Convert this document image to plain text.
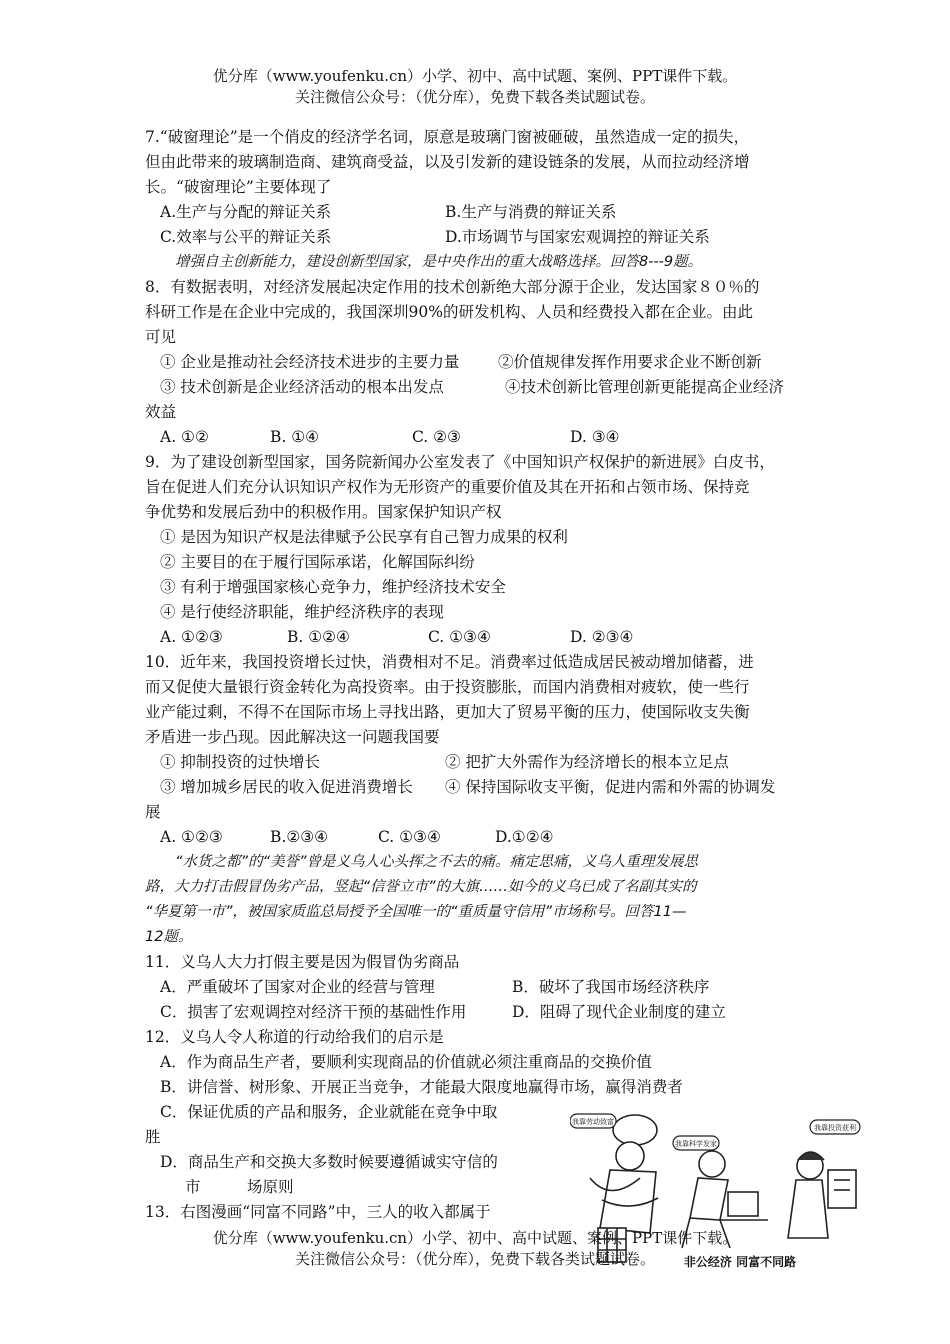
优分库（www.youfenku.cn）小学、初中、高中试题、案例、PPT课件下载。
关注微信公众号：（优分库），免费下载各类试题试卷。
7.“破窗理论”是一个俏皮的经济学名词，原意是玻璃门窗被砸破，虽然造成一定的损失，
但由此带来的玻璃制造商、建筑商受益，以及引发新的建设链条的发展，从而拉动经济增
长。“破窗理论”主要体现了
A.生产与分配的辩证关系	B.生产与消费的辩证关系
C.效率与公平的辩证关系	D.市场调节与国家宏观调控的辩证关系
增强自主创新能力，建设创新型国家，是中央作出的重大战略选择。回答8---9题。
8．有数据表明，对经济发展起决定作用的技术创新绝大部分源于企业，发达国家８０％的
科研工作是在企业中完成的，我国深圳90%的研发机构、人员和经费投入都在企业。由此
可见
① 企业是推动社会经济技术进步的主要力量 ②价值规律发挥作用要求企业不断创新
③ 技术创新是企业经济活动的根本出发点	④技术创新比管理创新更能提高企业经济
效益
A. ①②	B. ①④	C. ②③	D. ③④
9．为了建设创新型国家，国务院新闻办公室发表了《中国知识产权保护的新进展》白皮书，
旨在促进人们充分认识知识产权作为无形资产的重要价值及其在开拓和占领市场、保持竞
争优势和发展后劲中的积极作用。国家保护知识产权
① 是因为知识产权是法律赋予公民享有自己智力成果的权利
② 主要目的在于履行国际承诺，化解国际纠纷
③ 有利于增强国家核心竞争力，维护经济技术安全
④ 是行使经济职能，维护经济秩序的表现
A. ①②③	B. ①②④	C. ①③④	D. ②③④
10．近年来，我国投资增长过快，消费相对不足。消费率过低造成居民被动增加储蓄，进
而又促使大量银行资金转化为高投资率。由于投资膨胀，而国内消费相对疲软，使一些行
业产能过剩，不得不在国际市场上寻找出路，更加大了贸易平衡的压力，使国际收支失衡
矛盾进一步凸现。因此解决这一问题我国要
① 抑制投资的过快增长	② 把扩大外需作为经济增长的根本立足点
③ 增加城乡居民的收入促进消费增长 ④ 保持国际收支平衡，促进内需和外需的协调发
展
A. ①②③	B.②③④	C. ①③④	D.①②④
“水货之都”的“美誉”曾是义乌人心头挥之不去的痛。痛定思痛，义乌人重理发展思
路，大力打击假冒伪劣产品，竖起“信誉立市”的大旗……如今的义乌已成了名副其实的
“华夏第一市”，被国家质监总局授予全国唯一的“重质量守信用”市场称号。回答11—
12题。
11．义乌人大力打假主要是因为假冒伪劣商品
A．严重破坏了国家对企业的经营与管理	B．破坏了我国市场经济秩序
C．损害了宏观调控对经济干预的基础性作用	D．阻碍了现代企业制度的建立
12．义乌人令人称道的行动给我们的启示是
A．作为商品生产者，要顺利实现商品的价值就必须注重商品的交换价值
B．讲信誉、树形象、开展正当竞争，才能最大限度地赢得市场，赢得消费者
C．保证优质的产品和服务，企业就能在竞争中取
胜
D．商品生产和交换大多数时候要遵循诚实守信的
市　　　场原则
13．右图漫画“同富不同路”中，三人的收入都属于
我靠劳动致富
我靠科学发家
我靠投资获利
非公经济 同富不同路
优分库（www.youfenku.cn）小学、初中、高中试题、案例、PPT课件下载。
关注微信公众号：（优分库），免费下载各类试题试卷。
